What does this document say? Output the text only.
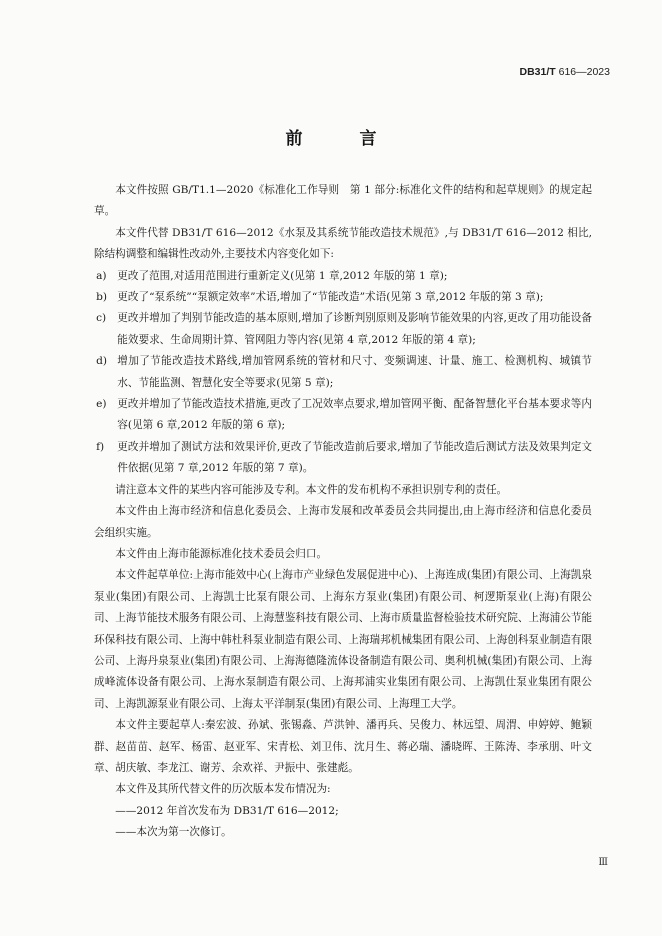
DB31/T 616—2023
前　言

本文件按照 GB/T1.1—2020《标准化工作导则　第 1 部分:标准化文件的结构和起草规则》的规定起草。

本文件代替 DB31/T 616—2012《水泵及其系统节能改造技术规范》,与 DB31/T 616—2012 相比,除结构调整和编辑性改动外,主要技术内容变化如下:

a)	更改了范围,对适用范围进行重新定义(见第 1 章,2012 年版的第 1 章);
b) 更改了“泵系统”“泵额定效率”术语,增加了“节能改造”术语(见第 3 章,2012 年版的第 3 章);
c)	更改并增加了判别节能改造的基本原则,增加了诊断判别原则及影响节能效果的内容,更改了用功能设备能效要求、生命周期计算、管网阻力等内容(见第 4 章,2012 年版的第 4 章);
d) 增加了节能改造技术路线,增加管网系统的管材和尺寸、变频调速、计量、施工、检测机构、城镇节水、节能监测、智慧化安全等要求(见第 5 章);
e)	更改并增加了节能改造技术措施,更改了工况效率点要求,增加管网平衡、配备智慧化平台基本要求等内容(见第 6 章,2012 年版的第 6 章);
f)	更改并增加了测试方法和效果评价,更改了节能改造前后要求,增加了节能改造后测试方法及效果判定文件依据(见第 7 章,2012 年版的第 7 章)。

请注意本文件的某些内容可能涉及专利。本文件的发布机构不承担识别专利的责任。

本文件由上海市经济和信息化委员会、上海市发展和改革委员会共同提出,由上海市经济和信息化委员会组织实施。

本文件由上海市能源标准化技术委员会归口。

本文件起草单位:上海市能效中心(上海市产业绿色发展促进中心)、上海连成(集团)有限公司、上海凯泉泵业(集团)有限公司、上海凯士比泵有限公司、上海东方泵业(集团)有限公司、柯逻斯泵业(上海)有限公司、上海节能技术服务有限公司、上海慧鉴科技有限公司、上海市质量监督检验技术研究院、上海浦公节能环保科技有限公司、上海中韩杜科泵业制造有限公司、上海瑞邦机械集团有限公司、上海创科泵业制造有限公司、上海丹泉泵业(集团)有限公司、上海海德隆流体设备制造有限公司、奥利机械(集团)有限公司、上海成峰流体设备有限公司、上海水泵制造有限公司、上海邦浦实业集团有限公司、上海凯仕泵业集团有限公司、上海凯源泵业有限公司、上海太平洋制泵(集团)有限公司、上海理工大学。

本文件主要起草人:秦宏波、孙斌、张锡淼、芦洪钟、潘再兵、吴俊力、林远望、周渭、申婷婷、鲍颖群、赵苗苗、赵军、杨雷、赵亚军、宋青松、刘卫伟、沈月生、蒋必瑞、潘晓晖、王陈涛、李承朋、叶文章、胡庆敏、李龙江、谢芳、余欢祥、尹振中、张建彪。

本文件及其所代替文件的历次版本发布情况为:

——2012 年首次发布为 DB31/T 616—2012;

——本次为第一次修订。

Ⅲ
